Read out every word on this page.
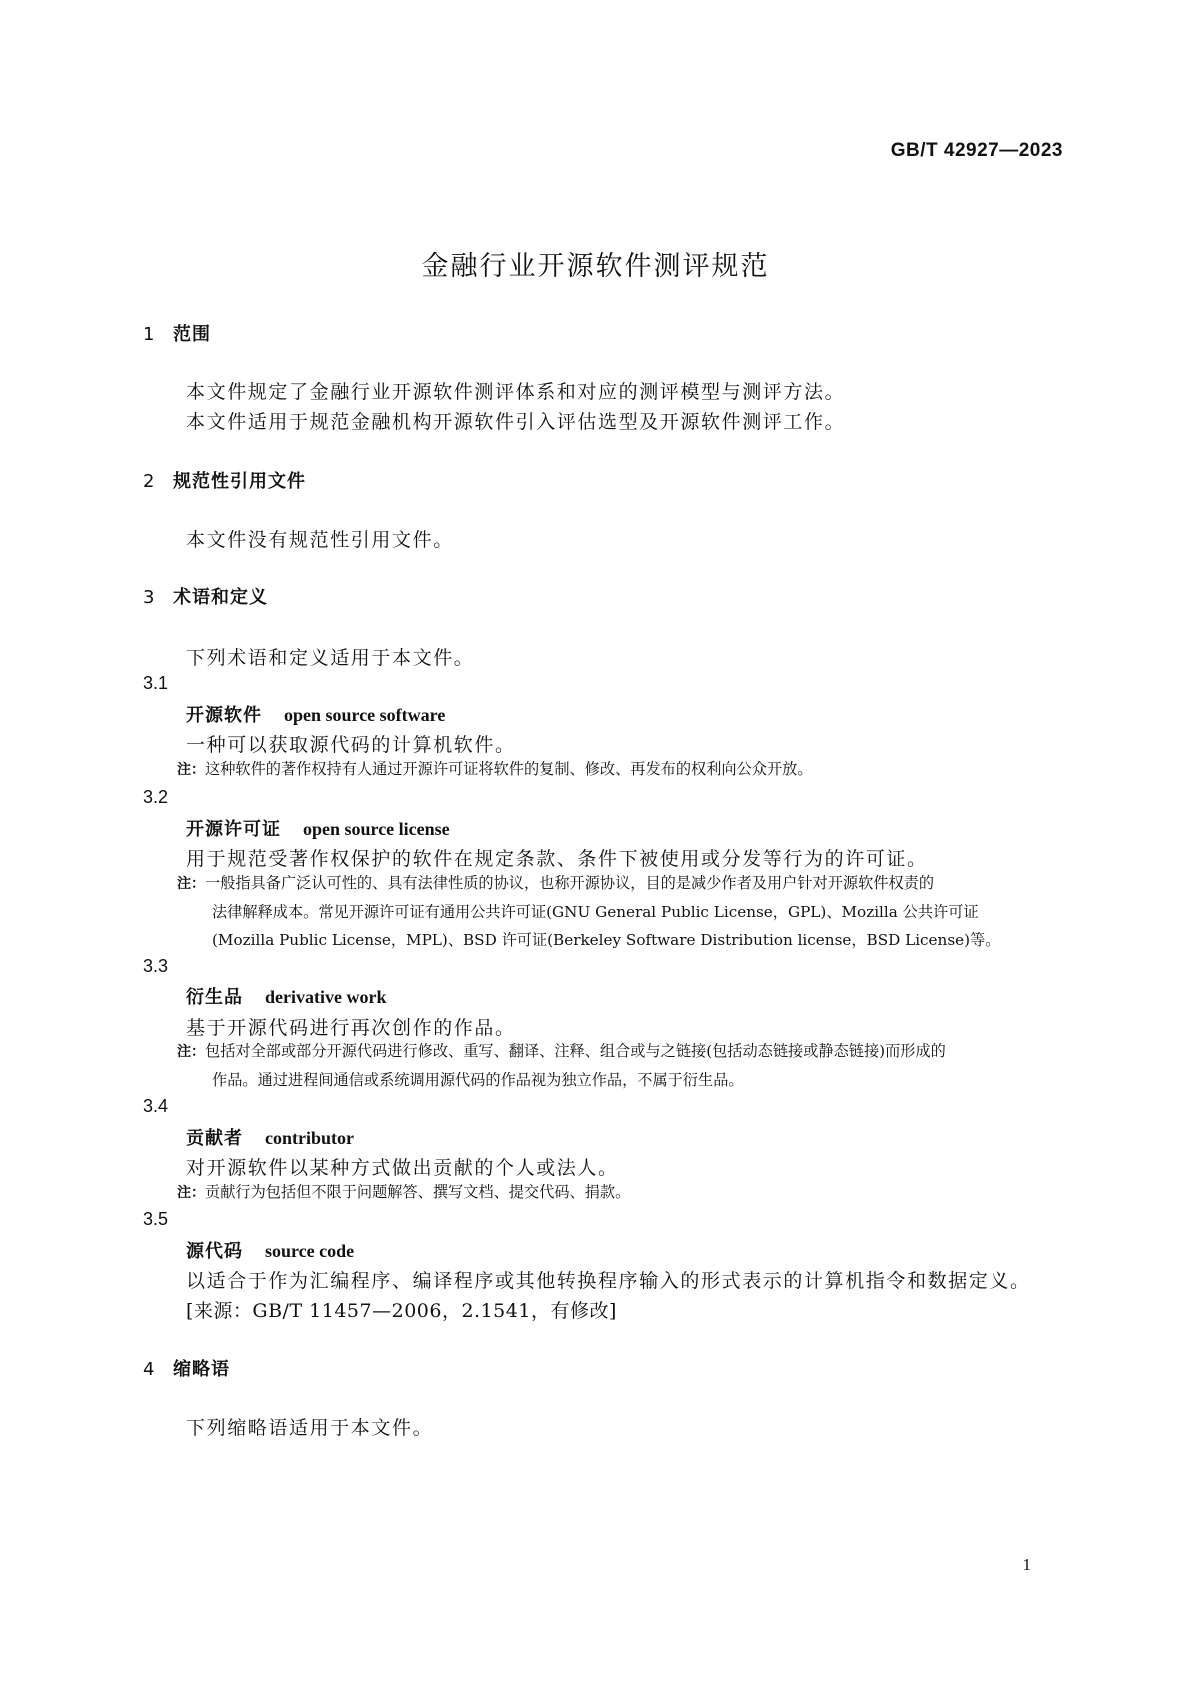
GB/T 42927—2023
金融行业开源软件测评规范
1 范围
本文件规定了金融行业开源软件测评体系和对应的测评模型与测评方法。
本文件适用于规范金融机构开源软件引入评估选型及开源软件测评工作。
2 规范性引用文件
本文件没有规范性引用文件。
3 术语和定义
下列术语和定义适用于本文件。
3.1
开源软件 open source software
一种可以获取源代码的计算机软件。
注：这种软件的著作权持有人通过开源许可证将软件的复制、修改、再发布的权利向公众开放。
3.2
开源许可证 open source license
用于规范受著作权保护的软件在规定条款、条件下被使用或分发等行为的许可证。
注：一般指具备广泛认可性的、具有法律性质的协议，也称开源协议，目的是减少作者及用户针对开源软件权责的
法律解释成本。常见开源许可证有通用公共许可证(GNU General Public License，GPL)、Mozilla 公共许可证
(Mozilla Public License，MPL)、BSD 许可证(Berkeley Software Distribution license，BSD License)等。
3.3
衍生品 derivative work
基于开源代码进行再次创作的作品。
注：包括对全部或部分开源代码进行修改、重写、翻译、注释、组合或与之链接(包括动态链接或静态链接)而形成的
作品。通过进程间通信或系统调用源代码的作品视为独立作品，不属于衍生品。
3.4
贡献者 contributor
对开源软件以某种方式做出贡献的个人或法人。
注：贡献行为包括但不限于问题解答、撰写文档、提交代码、捐款。
3.5
源代码 source code
以适合于作为汇编程序、编译程序或其他转换程序输入的形式表示的计算机指令和数据定义。
[来源：GB/T 11457—2006，2.1541，有修改]
4 缩略语
下列缩略语适用于本文件。
1
